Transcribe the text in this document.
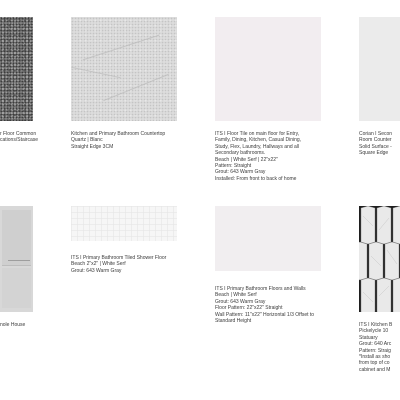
r Floor Common
cations/Staircase
Kitchen and Primary Bathroom Countertop
Quartz | Blanc
Straight Edge 3CM
ITS I Floor Tile on main floor for Entry,
Family, Dining, Kitchen, Casual Dining,
Study, Flex, Laundry, Hallways and all
Secondary bathrooms.
Beach | White Serf | 22"x22"
Pattern: Straight
Grout: 643 Warm Gray
Installed: From front to back of home
Corian I Secon
Room Counter
Solid Surface -
Square Edge
nole House
ITS I Primary Bathroom Tiled Shower Floor
Beach 2"x2" | White Serf
Grout: 643 Warm Gray
ITS I Primary Bathroom Floors and Walls
Beach | White Serf
Grout: 643 Warm Gray
Floor Pattern: 22"x22" Straight
Wall Pattern: 11"x22" Horizontal 1/3 Offset to
Standard Height
ITS I Kitchen B
Pickelycle 10
Statuary
Grout: 640 Arc
Pattern: Straig
*Install as sho
from top of co
cabinet and M
